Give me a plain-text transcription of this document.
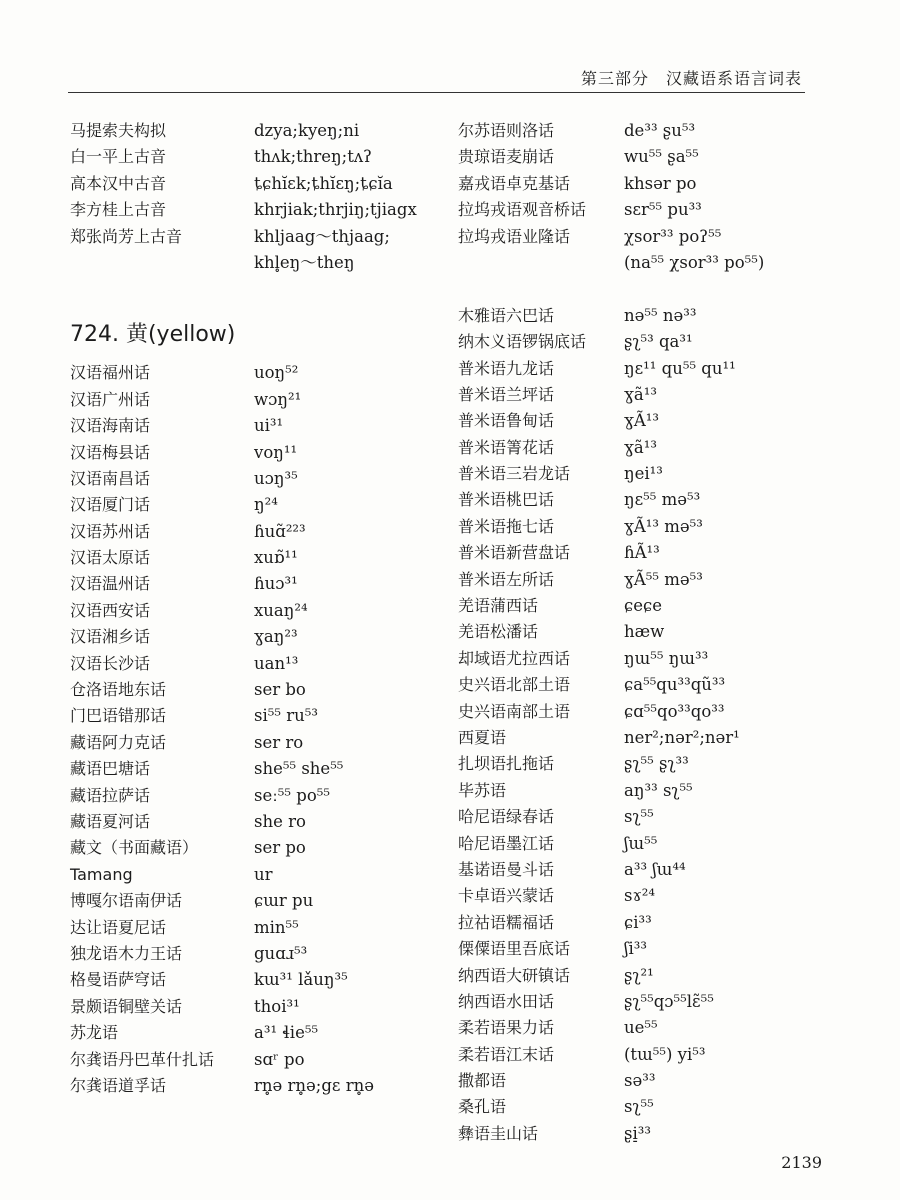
第三部分　汉藏语系语言词表
马提索夫构拟	dzya;kyeŋ;ni
白一平上古音	thʌk;threŋ;tʌʔ
高本汉中古音	ȶɕhĭɛk;ȶhĭɛŋ;ȶɕĭa
李方桂上古音	khrjiak;thrjiŋ;tjiagx
郑张尚芳上古音	khljaag～thjaag;
khl̥eŋ～theŋ
724. 黄(yellow)
汉语福州话	uoŋ⁵²
汉语广州话	wɔŋ²¹
汉语海南话	ui³¹
汉语梅县话	voŋ¹¹
汉语南昌话	uɔŋ³⁵
汉语厦门话	ŋ²⁴
汉语苏州话	ɦuɑ̃²²³
汉语太原话	xuɒ̃¹¹
汉语温州话	ɦuɔ³¹
汉语西安话	xuaŋ²⁴
汉语湘乡话	ɣaŋ²³
汉语长沙话	uan¹³
仓洛语地东话	ser bo
门巴语错那话	si⁵⁵ ru⁵³
藏语阿力克话	ser ro
藏语巴塘话	she⁵⁵ she⁵⁵
藏语拉萨话	seː⁵⁵ po⁵⁵
藏语夏河话	she ro
藏文（书面藏语）	ser po
Tamang	ur
博嘎尔语南伊话	ɕɯr pu
达让语夏尼话	min⁵⁵
独龙语木力王话	guɑɹ⁵³
格曼语萨穹话	kɯ³¹ lǎuŋ³⁵
景颇语铜壁关话	thoi³¹
苏龙语	a³¹ ɬie⁵⁵
尔龚语丹巴革什扎话	sɑʳ po
尔龚语道孚话	rn̥ə rn̥ə;gɛ rn̥ə
尔苏语则洛话	de³³ ʂu⁵³
贵琼语麦崩话	wu⁵⁵ ʂa⁵⁵
嘉戎语卓克基话	khsər po
拉坞戎语观音桥话	sɛr⁵⁵ pu³³
拉坞戎语业隆话	χsor³³ poʔ⁵⁵
(na⁵⁵ χsor³³ po⁵⁵)
木雅语六巴话	nə⁵⁵ nə³³
纳木义语锣锅底话	ʂʅ⁵³ qa³¹
普米语九龙话	ŋɛ¹¹ qu⁵⁵ qu¹¹
普米语兰坪话	ɣã¹³
普米语鲁甸话	ɣÃ¹³
普米语箐花话	ɣã¹³
普米语三岩龙话	ŋei¹³
普米语桃巴话	ŋɛ⁵⁵ mə⁵³
普米语拖七话	ɣÃ¹³ mə⁵³
普米语新营盘话	ɦÃ¹³
普米语左所话	ɣÃ⁵⁵ mə⁵³
羌语蒲西话	ɕeɕe
羌语松潘话	hæw
却域语尤拉西话	ŋɯ⁵⁵ ŋɯ³³
史兴语北部土语	ɕa⁵⁵qu³³qũ³³
史兴语南部土语	ɕɑ⁵⁵qo³³qo³³
西夏语	ner²;nər²;nər¹
扎坝语扎拖话	ʂʅ⁵⁵ ʂʅ³³
毕苏语	aŋ³³ sʅ⁵⁵
哈尼语绿春话	sʅ⁵⁵
哈尼语墨江话	ʃɯ⁵⁵
基诺语曼斗话	a³³ ʃɯ⁴⁴
卡卓语兴蒙话	sɤ²⁴
拉祜语糯福话	ɕi³³
傈僳语里吾底话	ʃi³³
纳西语大研镇话	ʂʅ²¹
纳西语水田话	ʂʅ⁵⁵qɔ⁵⁵lɛ̃⁵⁵
柔若语果力话	ue⁵⁵
柔若语江末话	(tɯ⁵⁵) yi⁵³
撒都语	sə³³
桑孔语	sʅ⁵⁵
彝语圭山话	ʂi̠³³
2139
